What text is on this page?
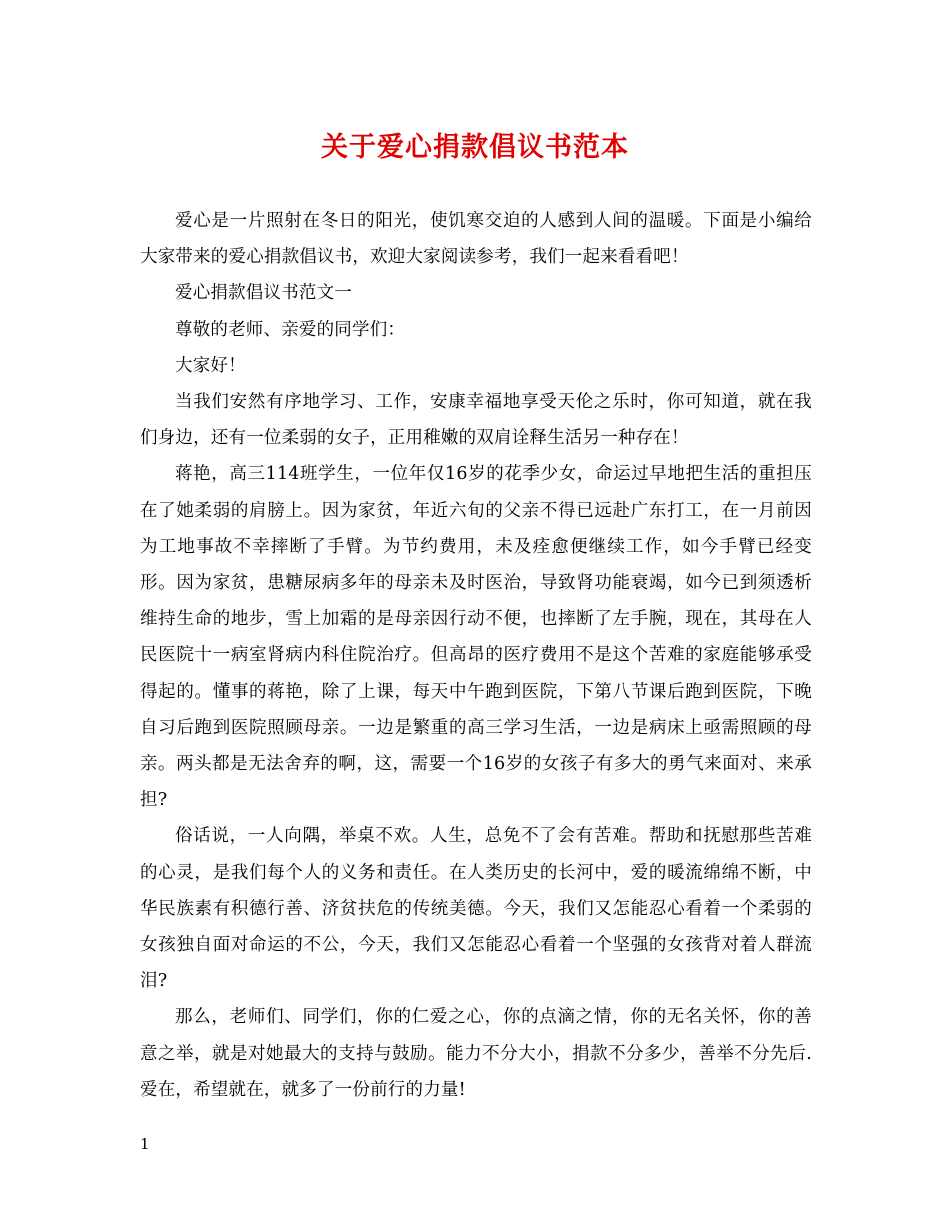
关于爱心捐款倡议书范本

爱心是一片照射在冬日的阳光，使饥寒交迫的人感到人间的温暖。下面是小编给大家带来的爱心捐款倡议书，欢迎大家阅读参考，我们一起来看看吧！

爱心捐款倡议书范文一

尊敬的老师、亲爱的同学们：

大家好！

当我们安然有序地学习、工作，安康幸福地享受天伦之乐时，你可知道，就在我们身边，还有一位柔弱的女子，正用稚嫩的双肩诠释生活另一种存在！

蒋艳，高三114班学生，一位年仅16岁的花季少女，命运过早地把生活的重担压在了她柔弱的肩膀上。因为家贫，年近六旬的父亲不得已远赴广东打工，在一月前因为工地事故不幸摔断了手臂。为节约费用，未及痊愈便继续工作，如今手臂已经变形。因为家贫，患糖尿病多年的母亲未及时医治，导致肾功能衰竭，如今已到须透析维持生命的地步，雪上加霜的是母亲因行动不便，也摔断了左手腕，现在，其母在人民医院十一病室肾病内科住院治疗。但高昂的医疗费用不是这个苦难的家庭能够承受得起的。懂事的蒋艳，除了上课，每天中午跑到医院，下第八节课后跑到医院，下晚自习后跑到医院照顾母亲。一边是繁重的高三学习生活，一边是病床上亟需照顾的母亲。两头都是无法舍弃的啊，这，需要一个16岁的女孩子有多大的勇气来面对、来承担?

俗话说，一人向隅，举桌不欢。人生，总免不了会有苦难。帮助和抚慰那些苦难的心灵，是我们每个人的义务和责任。在人类历史的长河中，爱的暖流绵绵不断，中华民族素有积德行善、济贫扶危的传统美德。今天，我们又怎能忍心看着一个柔弱的女孩独自面对命运的不公，今天，我们又怎能忍心看着一个坚强的女孩背对着人群流泪?

那么，老师们、同学们，你的仁爱之心，你的点滴之情，你的无名关怀，你的善意之举，就是对她最大的支持与鼓励。能力不分大小，捐款不分多少，善举不分先后.爱在，希望就在，就多了一份前行的力量!

1
